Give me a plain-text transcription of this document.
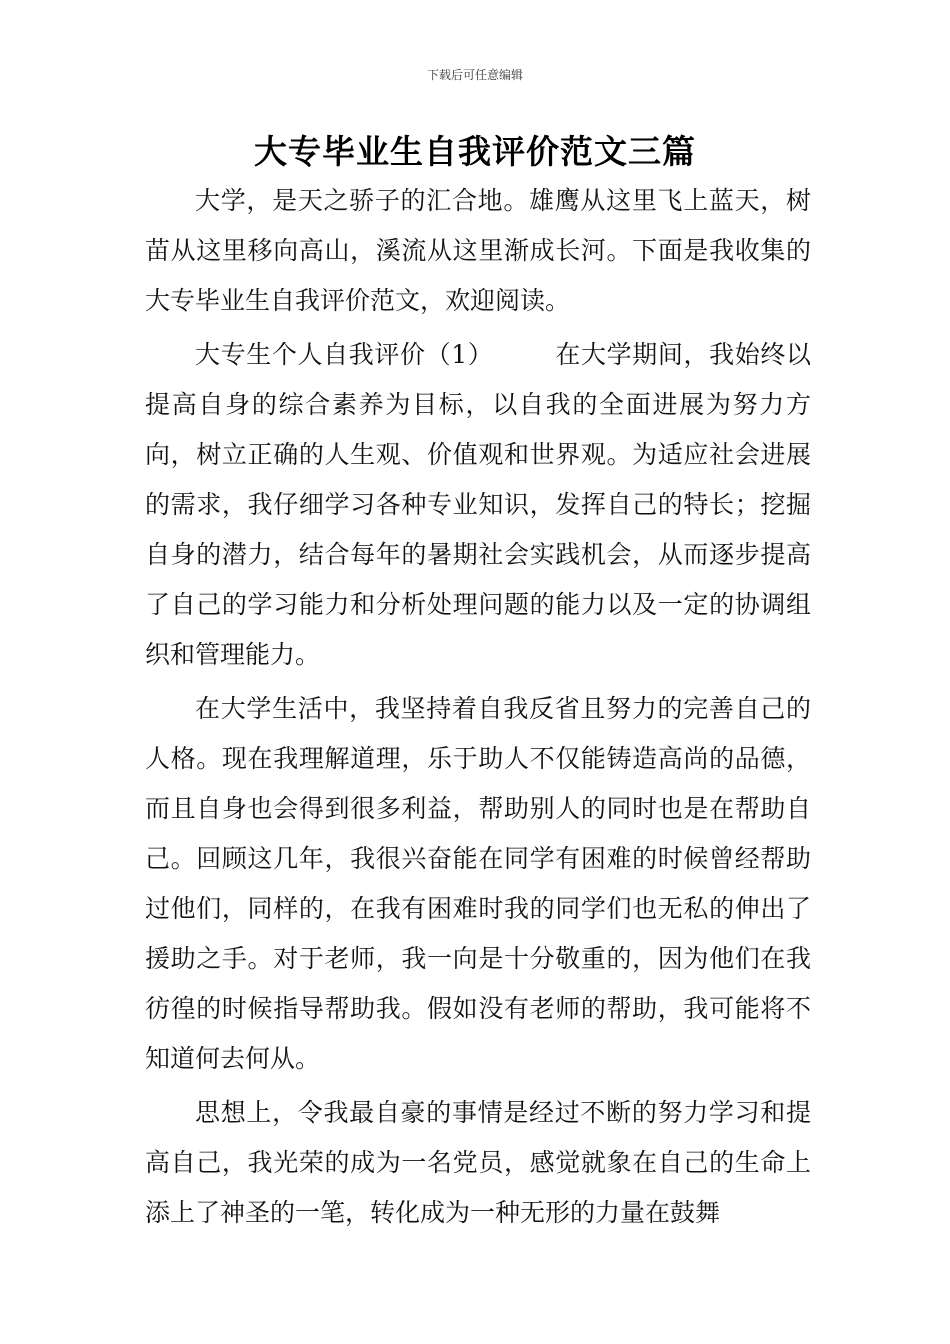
下载后可任意编辑
大专毕业生自我评价范文三篇

大学，是天之骄子的汇合地。雄鹰从这里飞上蓝天，树苗从这里移向高山，溪流从这里渐成长河。下面是我收集的大专毕业生自我评价范文，欢迎阅读。

大专生个人自我评价（1） 在大学期间，我始终以提高自身的综合素养为目标，以自我的全面进展为努力方向，树立正确的人生观、价值观和世界观。为适应社会进展的需求，我仔细学习各种专业知识，发挥自己的特长；挖掘自身的潜力，结合每年的暑期社会实践机会，从而逐步提高了自己的学习能力和分析处理问题的能力以及一定的协调组织和管理能力。

在大学生活中，我坚持着自我反省且努力的完善自己的人格。现在我理解道理，乐于助人不仅能铸造高尚的品德，而且自身也会得到很多利益，帮助别人的同时也是在帮助自己。回顾这几年，我很兴奋能在同学有困难的时候曾经帮助过他们，同样的，在我有困难时我的同学们也无私的伸出了援助之手。对于老师，我一向是十分敬重的，因为他们在我彷徨的时候指导帮助我。假如没有老师的帮助，我可能将不知道何去何从。

思想上，令我最自豪的事情是经过不断的努力学习和提高自己，我光荣的成为一名党员，感觉就象在自己的生命上添上了神圣的一笔，转化成为一种无形的力量在鼓舞
